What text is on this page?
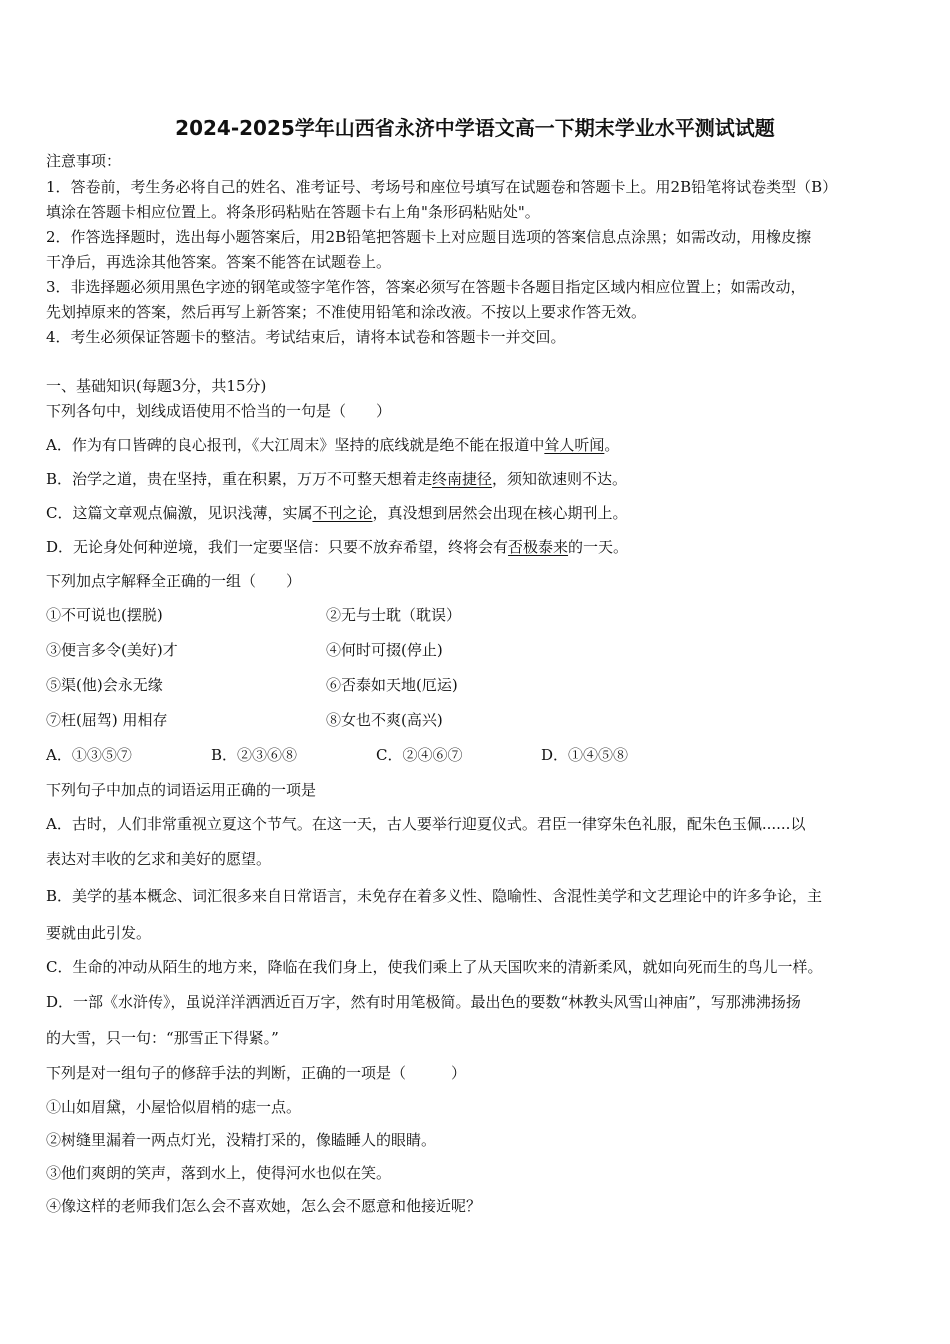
2024-2025学年山西省永济中学语文高一下期末学业水平测试试题
注意事项：
1．答卷前，考生务必将自己的姓名、准考证号、考场号和座位号填写在试题卷和答题卡上。用2B铅笔将试卷类型（B）
填涂在答题卡相应位置上。将条形码粘贴在答题卡右上角"条形码粘贴处"。
2．作答选择题时，选出每小题答案后，用2B铅笔把答题卡上对应题目选项的答案信息点涂黑；如需改动，用橡皮擦
干净后，再选涂其他答案。答案不能答在试题卷上。
3．非选择题必须用黑色字迹的钢笔或签字笔作答，答案必须写在答题卡各题目指定区域内相应位置上；如需改动，
先划掉原来的答案，然后再写上新答案；不准使用铅笔和涂改液。不按以上要求作答无效。
4．考生必须保证答题卡的整洁。考试结束后，请将本试卷和答题卡一并交回。
一、基础知识(每题3分，共15分)
下列各句中，划线成语使用不恰当的一句是（　　）
A．作为有口皆碑的良心报刊，《大江周末》坚持的底线就是绝不能在报道中耸人听闻。
B．治学之道，贵在坚持，重在积累，万万不可整天想着走终南捷径，须知欲速则不达。
C．这篇文章观点偏激，见识浅薄，实属不刊之论，真没想到居然会出现在核心期刊上。
D．无论身处何种逆境，我们一定要坚信：只要不放弃希望，终将会有否极泰来的一天。
下列加点字解释全正确的一组（　　）
①不可说也(摆脱)	②无与士耽（耽误）
③便言多令(美好)才	④何时可掇(停止)
⑤渠(他)会永无缘	⑥否泰如天地(厄运)
⑦枉(屈驾) 用相存	⑧女也不爽(高兴)
A．①③⑤⑦	B．②③⑥⑧	C．②④⑥⑦	D．①④⑤⑧
下列句子中加点的词语运用正确的一项是
A．古时，人们非常重视立夏这个节气。在这一天，古人要举行迎夏仪式。君臣一律穿朱色礼服，配朱色玉佩......以
表达对丰收的乞求和美好的愿望。
B．美学的基本概念、词汇很多来自日常语言，未免存在着多义性、隐喻性、含混性美学和文艺理论中的许多争论，主
要就由此引发。
C．生命的冲动从陌生的地方来，降临在我们身上，使我们乘上了从天国吹来的清新柔风，就如向死而生的鸟儿一样。
D．一部《水浒传》，虽说洋洋洒洒近百万字，然有时用笔极简。最出色的要数“林教头风雪山神庙”，写那沸沸扬扬
的大雪，只一句：“那雪正下得紧。”
下列是对一组句子的修辞手法的判断，正确的一项是（　　　）
①山如眉黛，小屋恰似眉梢的痣一点。
②树缝里漏着一两点灯光，没精打采的，像瞌睡人的眼睛。
③他们爽朗的笑声，落到水上，使得河水也似在笑。
④像这样的老师我们怎么会不喜欢她，怎么会不愿意和他接近呢？
